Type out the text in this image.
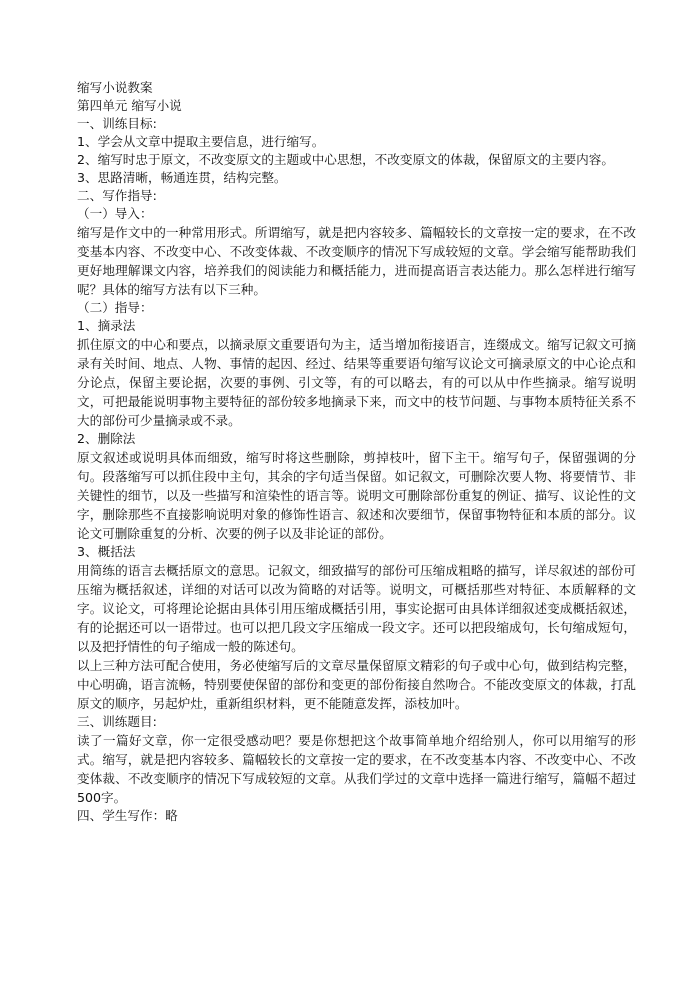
缩写小说教案
第四单元 缩写小说
一、训练目标:
1、学会从文章中提取主要信息，进行缩写。
2、缩写时忠于原文，不改变原文的主题或中心思想，不改变原文的体裁，保留原文的主要内容。
3、思路清晰，畅通连贯，结构完整。
二、写作指导:
（一）导入：
缩写是作文中的一种常用形式。所谓缩写，就是把内容较多、篇幅较长的文章按一定的要求，在不改变基本内容、不改变中心、不改变体裁、不改变顺序的情况下写成较短的文章。学会缩写能帮助我们更好地理解课文内容，培养我们的阅读能力和概括能力，进而提高语言表达能力。那么怎样进行缩写呢？具体的缩写方法有以下三种。
（二）指导：
1、摘录法
抓住原文的中心和要点，以摘录原文重要语句为主，适当增加衔接语言，连缀成文。缩写记叙文可摘录有关时间、地点、人物、事情的起因、经过、结果等重要语句缩写议论文可摘录原文的中心论点和分论点，保留主要论据，次要的事例、引文等，有的可以略去，有的可以从中作些摘录。缩写说明文，可把最能说明事物主要特征的部份较多地摘录下来，而文中的枝节问题、与事物本质特征关系不大的部份可少量摘录或不录。
2、删除法
原文叙述或说明具体而细致，缩写时将这些删除，剪掉枝叶，留下主干。缩写句子，保留强调的分句。段落缩写可以抓住段中主句，其余的字句适当保留。如记叙文，可删除次要人物、将要情节、非关键性的细节，以及一些描写和渲染性的语言等。说明文可删除部份重复的例证、描写、议论性的文字，删除那些不直接影响说明对象的修饰性语言、叙述和次要细节，保留事物特征和本质的部分。议论文可删除重复的分析、次要的例子以及非论证的部份。
3、概括法
用简练的语言去概括原文的意思。记叙文，细致描写的部份可压缩成粗略的描写，详尽叙述的部份可压缩为概括叙述，详细的对话可以改为简略的对话等。说明文，可概括那些对特征、本质解释的文字。议论文，可将理论论据由具体引用压缩成概括引用，事实论据可由具体详细叙述变成概括叙述，有的论据还可以一语带过。也可以把几段文字压缩成一段文字。还可以把段缩成句，长句缩成短句，以及把抒情性的句子缩成一般的陈述句。
以上三种方法可配合使用，务必使缩写后的文章尽量保留原文精彩的句子或中心句，做到结构完整，中心明确，语言流畅，特别要使保留的部份和变更的部份衔接自然吻合。不能改变原文的体裁，打乱原文的顺序，另起炉灶，重新组织材料，更不能随意发挥，添枝加叶。
三、训练题目:
读了一篇好文章，你一定很受感动吧？要是你想把这个故事简单地介绍给别人，你可以用缩写的形式。缩写，就是把内容较多、篇幅较长的文章按一定的要求，在不改变基本内容、不改变中心、不改变体裁、不改变顺序的情况下写成较短的文章。从我们学过的文章中选择一篇进行缩写，篇幅不超过500字。
四、学生写作：略
